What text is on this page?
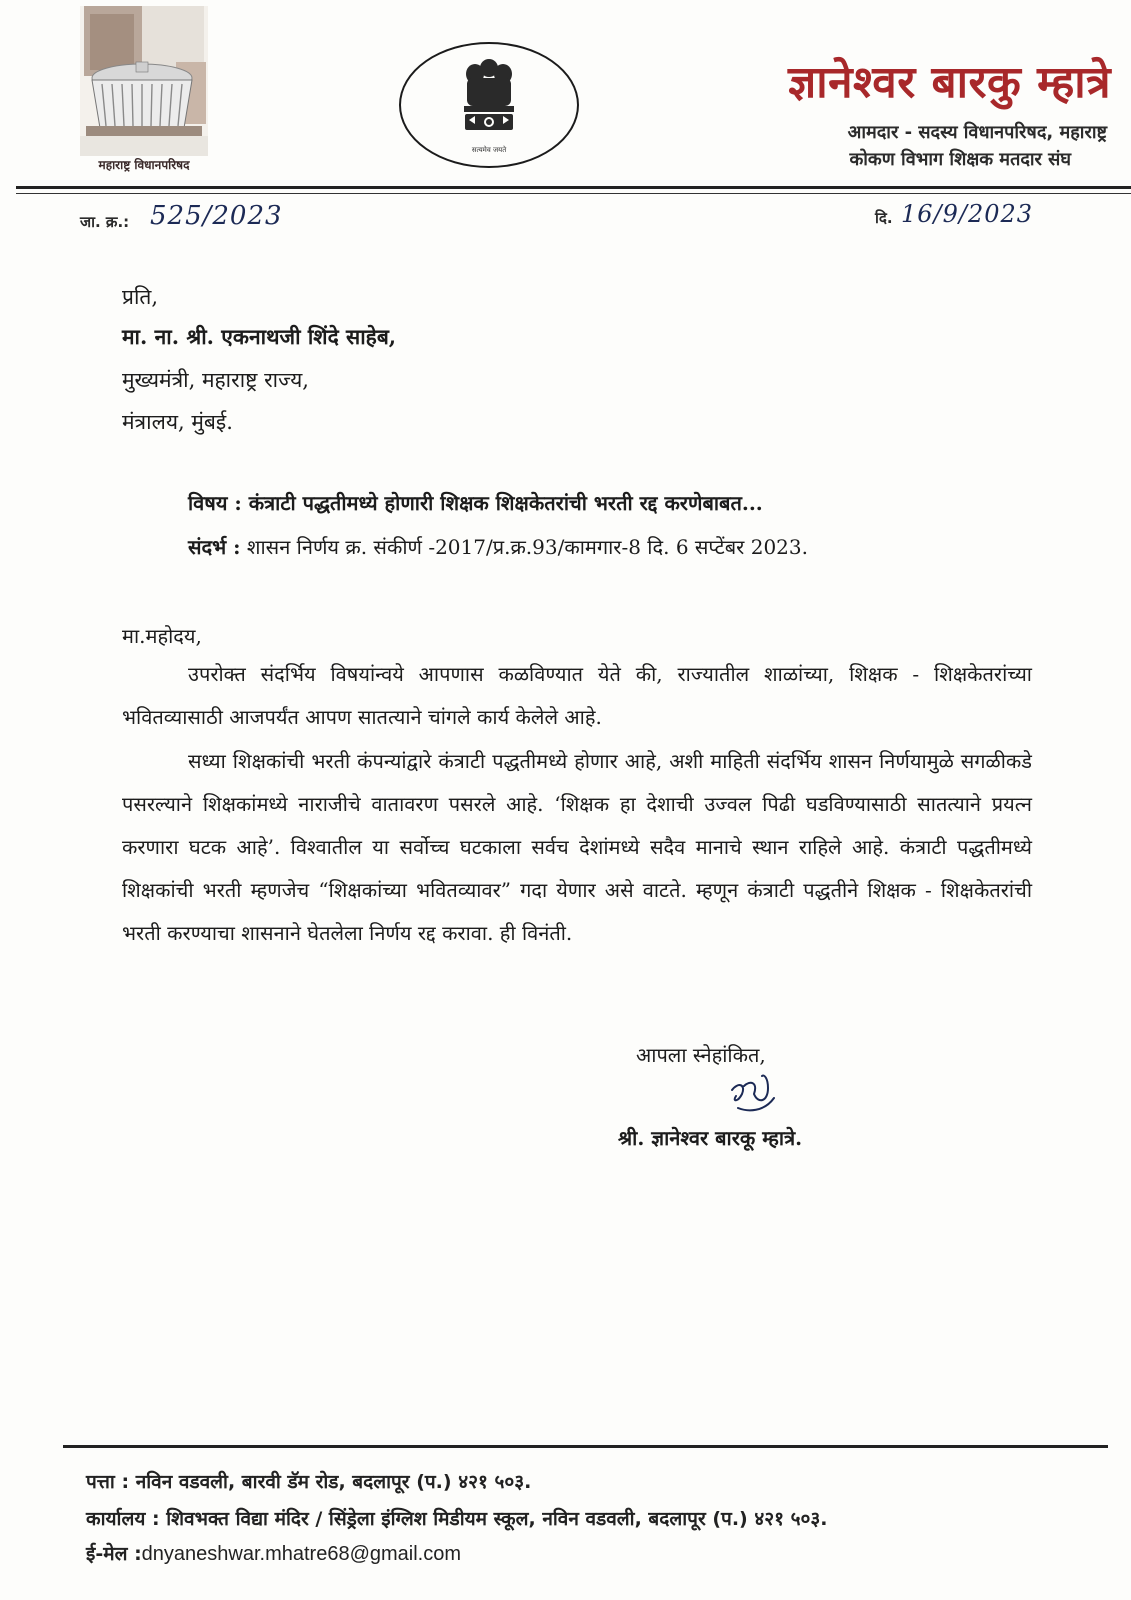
महाराष्ट्र विधानपरिषद
सत्यमेव जयते
ज्ञानेश्वर बारकु म्हात्रे
आमदार - सदस्य विधानपरिषद, महाराष्ट्र
कोकण विभाग शिक्षक मतदार संघ
जा. क्र.: 525/2023	दि. 16/9/2023
प्रति,
मा. ना. श्री. एकनाथजी शिंदे साहेब,
मुख्यमंत्री, महाराष्ट्र राज्य,
मंत्रालय, मुंबई.
विषय : कंत्राटी पद्धतीमध्ये होणारी शिक्षक शिक्षकेतरांची भरती रद्द करणेबाबत...
संदर्भ : शासन निर्णय क्र. संकीर्ण -2017/प्र.क्र.93/कामगार-8 दि. 6 सप्टेंबर 2023.
मा.महोदय,
उपरोक्त संदर्भिय विषयांन्वये आपणास कळविण्यात येते की, राज्यातील शाळांच्या, शिक्षक - शिक्षकेतरांच्या भवितव्यासाठी आजपर्यंत आपण सातत्याने चांगले कार्य केलेले आहे.
सध्या शिक्षकांची भरती कंपन्यांद्वारे कंत्राटी पद्धतीमध्ये होणार आहे, अशी माहिती संदर्भिय शासन निर्णयामुळे सगळीकडे पसरल्याने शिक्षकांमध्ये नाराजीचे वातावरण पसरले आहे. ‘शिक्षक हा देशाची उज्वल पिढी घडविण्यासाठी सातत्याने प्रयत्न करणारा घटक आहे’. विश्वातील या सर्वोच्च घटकाला सर्वच देशांमध्ये सदैव मानाचे स्थान राहिले आहे. कंत्राटी पद्धतीमध्ये शिक्षकांची भरती म्हणजेच “शिक्षकांच्या भवितव्यावर” गदा येणार असे वाटते. म्हणून कंत्राटी पद्धतीने शिक्षक - शिक्षकेतरांची भरती करण्याचा शासनाने घेतलेला निर्णय रद्द करावा. ही विनंती.
आपला स्नेहांकित,
श्री. ज्ञानेश्वर बारकू म्हात्रे.
पत्ता : नविन वडवली, बारवी डॅम रोड, बदलापूर (प.) ४२१ ५०३.
कार्यालय : शिवभक्त विद्या मंदिर / सिंड्रेला इंग्लिश मिडीयम स्कूल, नविन वडवली, बदलापूर (प.) ४२१ ५०३.
ई-मेल :dnyaneshwar.mhatre68@gmail.com
